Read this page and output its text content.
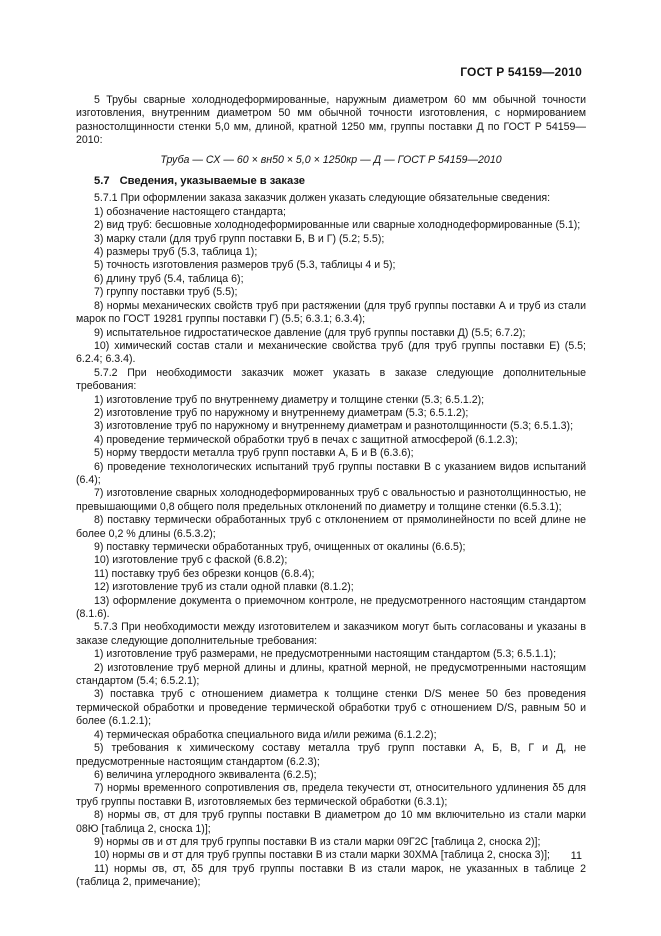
ГОСТ Р 54159—2010

5 Трубы сварные холоднодеформированные, наружным диаметром 60 мм обычной точности изготовления, внутренним диаметром 50 мм обычной точности изготовления, с нормированием разностолщинности стенки 5,0 мм, длиной, кратной 1250 мм, группы поставки Д по ГОСТ Р 54159—2010:

Труба — СХ — 60 × вн50 × 5,0 × 1250кр — Д — ГОСТ Р 54159—2010

5.7 Сведения, указываемые в заказе

5.7.1 При оформлении заказа заказчик должен указать следующие обязательные сведения:

1) обозначение настоящего стандарта;

2) вид труб: бесшовные холоднодеформированные или сварные холоднодеформированные (5.1);

3) марку стали (для труб групп поставки Б, В и Г) (5.2; 5.5);

4) размеры труб (5.3, таблица 1);

5) точность изготовления размеров труб (5.3, таблицы 4 и 5);

6) длину труб (5.4, таблица 6);

7) группу поставки труб (5.5);

8) нормы механических свойств труб при растяжении (для труб группы поставки А и труб из стали марок по ГОСТ 19281 группы поставки Г) (5.5; 6.3.1; 6.3.4);

9) испытательное гидростатическое давление (для труб группы поставки Д) (5.5; 6.7.2);

10) химический состав стали и механические свойства труб (для труб группы поставки Е) (5.5; 6.2.4; 6.3.4).

5.7.2 При необходимости заказчик может указать в заказе следующие дополнительные требования:

1) изготовление труб по внутреннему диаметру и толщине стенки (5.3; 6.5.1.2);

2) изготовление труб по наружному и внутреннему диаметрам (5.3; 6.5.1.2);

3) изготовление труб по наружному и внутреннему диаметрам и разнотолщинности (5.3; 6.5.1.3);

4) проведение термической обработки труб в печах с защитной атмосферой (6.1.2.3);

5) норму твердости металла труб групп поставки А, Б и В (6.3.6);

6) проведение технологических испытаний труб группы поставки В с указанием видов испытаний (6.4);

7) изготовление сварных холоднодеформированных труб с овальностью и разнотолщинностью, не превышающими 0,8 общего поля предельных отклонений по диаметру и толщине стенки (6.5.3.1);

8) поставку термически обработанных труб с отклонением от прямолинейности по всей длине не более 0,2 % длины (6.5.3.2);

9) поставку термически обработанных труб, очищенных от окалины (6.6.5);

10) изготовление труб с фаской (6.8.2);

11) поставку труб без обрезки концов (6.8.4);

12) изготовление труб из стали одной плавки (8.1.2);

13) оформление документа о приемочном контроле, не предусмотренного настоящим стандартом (8.1.6).

5.7.3 При необходимости между изготовителем и заказчиком могут быть согласованы и указаны в заказе следующие дополнительные требования:

1) изготовление труб размерами, не предусмотренными настоящим стандартом (5.3; 6.5.1.1);

2) изготовление труб мерной длины и длины, кратной мерной, не предусмотренными настоящим стандартом (5.4; 6.5.2.1);

3) поставка труб с отношением диаметра к толщине стенки D/S менее 50 без проведения термической обработки и проведение термической обработки труб с отношением D/S, равным 50 и более (6.1.2.1);

4) термическая обработка специального вида и/или режима (6.1.2.2);

5) требования к химическому составу металла труб групп поставки А, Б, В, Г и Д, не предусмотренные настоящим стандартом (6.2.3);

6) величина углеродного эквивалента (6.2.5);

7) нормы временного сопротивления σв, предела текучести σт, относительного удлинения δ5 для труб группы поставки В, изготовляемых без термической обработки (6.3.1);

8) нормы σв, σт для труб группы поставки В диаметром до 10 мм включительно из стали марки 08Ю [таблица 2, сноска 1)];

9) нормы σв и σт для труб группы поставки В из стали марки 09Г2С [таблица 2, сноска 2)];

10) нормы σв и σт для труб группы поставки В из стали марки 30ХМА [таблица 2, сноска 3)];

11) нормы σв, σт, δ5 для труб группы поставки В из стали марок, не указанных в таблице 2 (таблица 2, примечание);

11
